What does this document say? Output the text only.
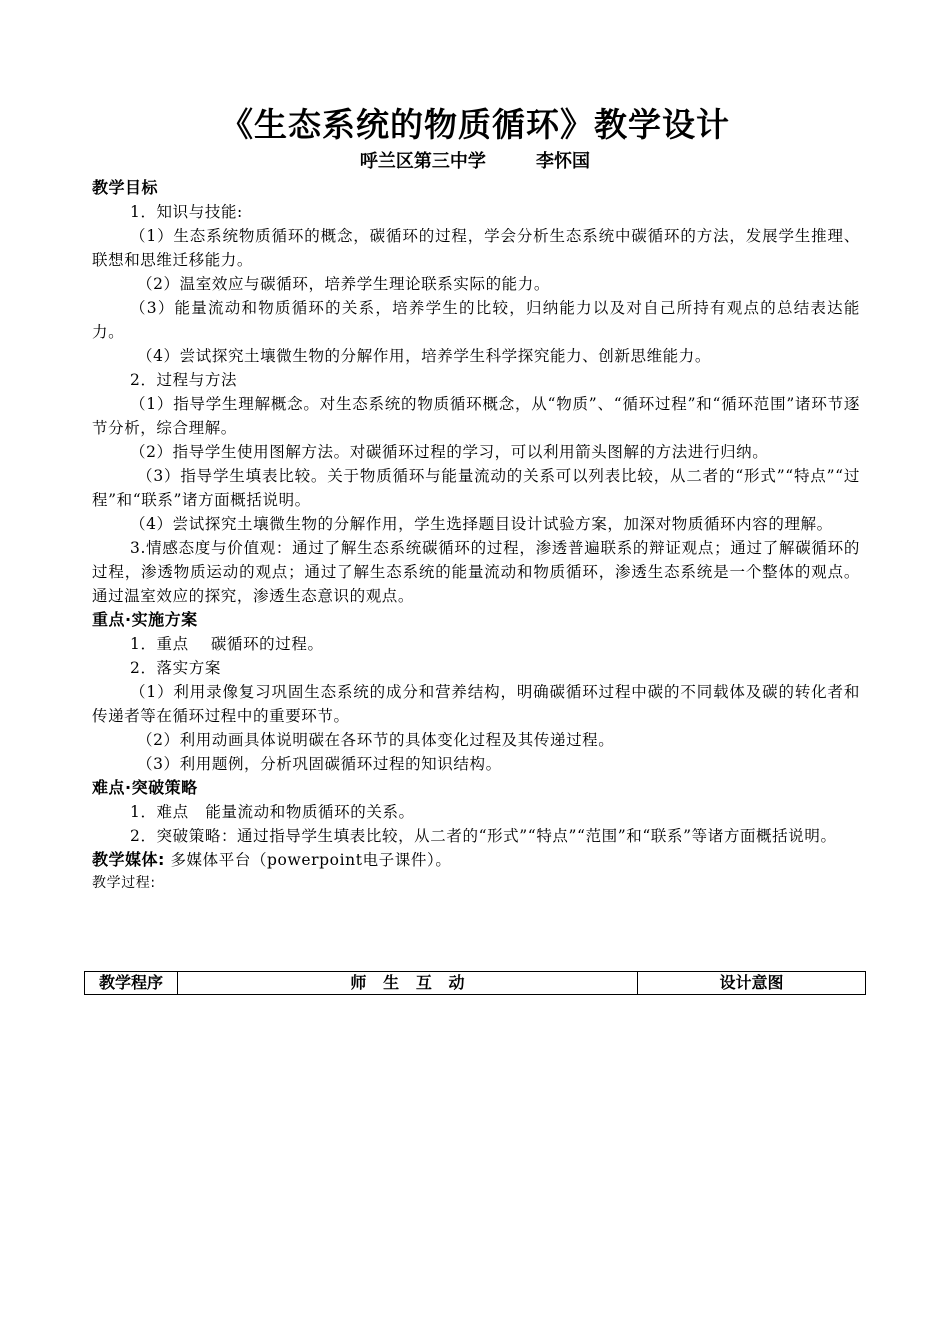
《生态系统的物质循环》教学设计
呼兰区第三中学        李怀国

教学目标

1．知识与技能:

（1）生态系统物质循环的概念，碳循环的过程，学会分析生态系统中碳循环的方法，发展学生推理、联想和思维迁移能力。

（2）温室效应与碳循环，培养学生理论联系实际的能力。

（3）能量流动和物质循环的关系，培养学生的比较，归纳能力以及对自己所持有观点的总结表达能力。

（4）尝试探究土壤微生物的分解作用，培养学生科学探究能力、创新思维能力。

2．过程与方法

（1）指导学生理解概念。对生态系统的物质循环概念，从“物质”、“循环过程”和“循环范围”诸环节逐节分析，综合理解。

（2）指导学生使用图解方法。对碳循环过程的学习，可以利用箭头图解的方法进行归纳。

（3）指导学生填表比较。关于物质循环与能量流动的关系可以列表比较，从二者的“形式”“特点”“过程”和“联系”诸方面概括说明。

（4）尝试探究土壤微生物的分解作用，学生选择题目设计试验方案，加深对物质循环内容的理解。

3.情感态度与价值观：通过了解生态系统碳循环的过程，渗透普遍联系的辩证观点；通过了解碳循环的过程，渗透物质运动的观点；通过了解生态系统的能量流动和物质循环，渗透生态系统是一个整体的观点。通过温室效应的探究，渗透生态意识的观点。

重点·实施方案

1．重点    碳循环的过程。

2．落实方案

（1）利用录像复习巩固生态系统的成分和营养结构，明确碳循环过程中碳的不同载体及碳的转化者和传递者等在循环过程中的重要环节。

（2）利用动画具体说明碳在各环节的具体变化过程及其传递过程。

（3）利用题例，分析巩固碳循环过程的知识结构。

难点·突破策略

1．难点   能量流动和物质循环的关系。

2．突破策略：通过指导学生填表比较，从二者的“形式”“特点”“范围”和“联系”等诸方面概括说明。

教学媒体: 多媒体平台（powerpoint电子课件）。

教学过程:

教学程序	师   生   互   动	设计意图
